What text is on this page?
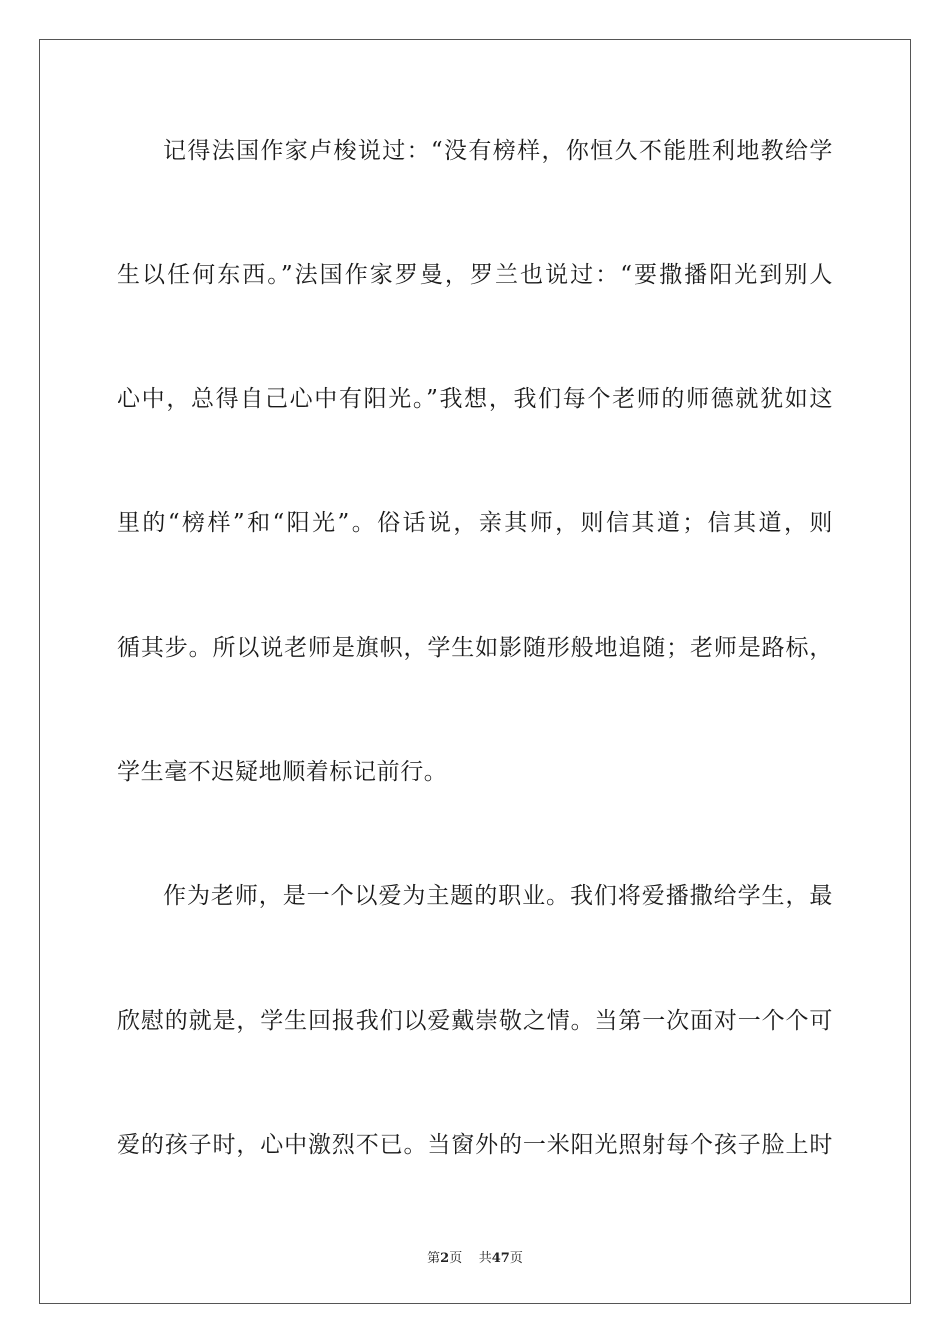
记得法国作家卢梭说过：“没有榜样，你恒久不能胜利地教给学
生以任何东西。”法国作家罗曼，罗兰也说过：“要撒播阳光到别人
心中，总得自己心中有阳光。”我想，我们每个老师的师德就犹如这
里的“榜样”和“阳光”。俗话说，亲其师，则信其道；信其道，则
循其步。所以说老师是旗帜，学生如影随形般地追随；老师是路标，
学生毫不迟疑地顺着标记前行。
作为老师，是一个以爱为主题的职业。我们将爱播撒给学生，最
欣慰的就是，学生回报我们以爱戴崇敬之情。当第一次面对一个个可
爱的孩子时，心中激烈不已。当窗外的一米阳光照射每个孩子脸上时
第2页 共47页
